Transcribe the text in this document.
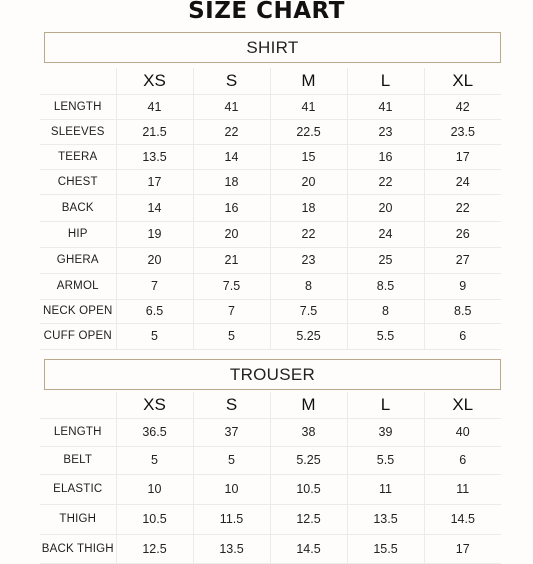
SIZE CHART
SHIRT
	XS	S	M	L	XL
LENGTH	41	41	41	41	42
SLEEVES	21.5	22	22.5	23	23.5
TEERA	13.5	14	15	16	17
CHEST	17	18	20	22	24
BACK	14	16	18	20	22
HIP	19	20	22	24	26
GHERA	20	21	23	25	27
ARMOL	7	7.5	8	8.5	9
NECK OPEN	6.5	7	7.5	8	8.5
CUFF OPEN	5	5	5.25	5.5	6
TROUSER
	XS	S	M	L	XL
LENGTH	36.5	37	38	39	40
BELT	5	5	5.25	5.5	6
ELASTIC	10	10	10.5	11	11
THIGH	10.5	11.5	12.5	13.5	14.5
BACK THIGH	12.5	13.5	14.5	15.5	17
